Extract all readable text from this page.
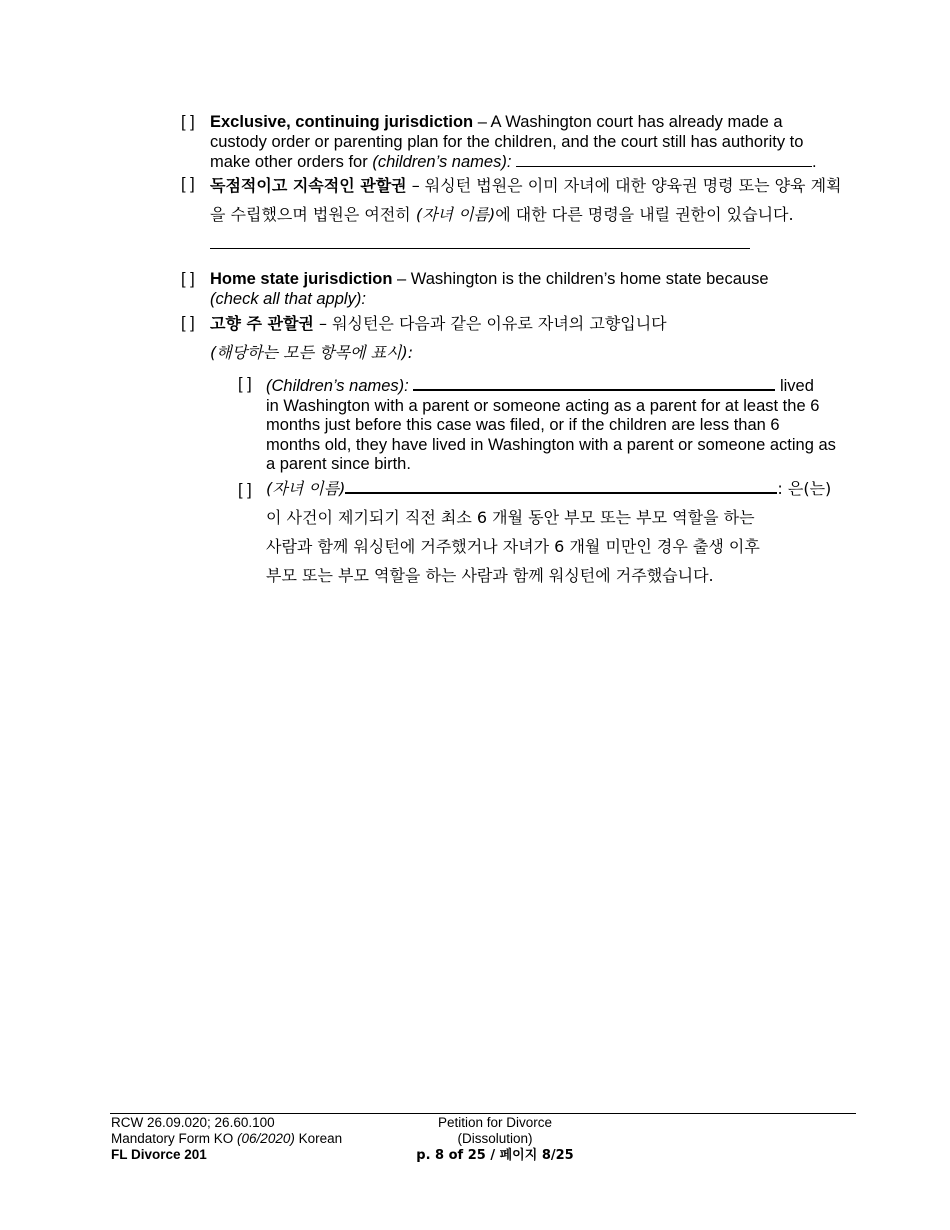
[ ] Exclusive, continuing jurisdiction – A Washington court has already made a custody order or parenting plan for the children, and the court still has authority to make other orders for (children’s names):	.
[ ] 독점적이고 지속적인 관할권 – 워싱턴 법원은 이미 자녀에 대한 양육권 명령 또는 양육 계획을 수립했으며 법원은 여전히 (자녀 이름)에 대한 다른 명령을 내릴 권한이 있습니다.
[ ] Home state jurisdiction – Washington is the children’s home state because
(check all that apply):
[ ] 고향 주 관할권 – 워싱턴은 다음과 같은 이유로 자녀의 고향입니다
(해당하는 모든 항목에 표시):
[ ] (Children’s names):	lived
in Washington with a parent or someone acting as a parent for at least the 6 months just before this case was filed, or if the children are less than 6 months old, they have lived in Washington with a parent or someone acting as a parent since birth.
[ ] (자녀 이름)	: 은(는)
이 사건이 제기되기 직전 최소 6 개월 동안 부모 또는 부모 역할을 하는
사람과 함께 워싱턴에 거주했거나 자녀가 6 개월 미만인 경우 출생 이후
부모 또는 부모 역할을 하는 사람과 함께 워싱턴에 거주했습니다.
RCW 26.09.020; 26.60.100
Mandatory Form KO (06/2020) Korean
FL Divorce 201
Petition for Divorce
(Dissolution)
p. 8 of 25 / 페이지 8/25
